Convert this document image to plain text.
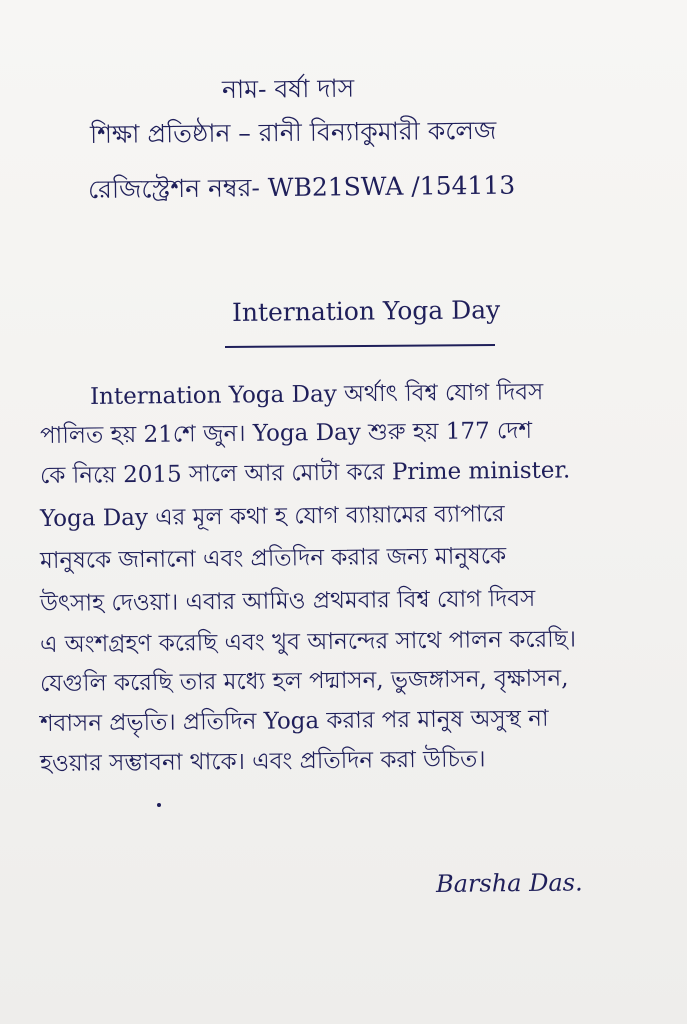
নাম- বর্ষা দাস
শিক্ষা প্রতিষ্ঠান – রানী বিন্যাকুমারী কলেজ
রেজিস্ট্রেশন নম্বর- WB21SWA /154113
Internation Yoga Day
Internation Yoga Day অর্থাৎ বিশ্ব যোগ দিবস
পালিত হয় 21শে জুন। Yoga Day শুরু হয় 177 দেশ
কে নিয়ে 2015 সালে আর মোটা করে Prime minister.
Yoga Day এর মূল কথা হ যোগ ব্যায়ামের ব্যাপারে
মানুষকে জানানো এবং প্রতিদিন করার জন্য মানুষকে
উৎসাহ দেওয়া। এবার আমিও প্রথমবার বিশ্ব যোগ দিবস
এ অংশগ্রহণ করেছি এবং খুব আনন্দের সাথে পালন করেছি।
যেগুলি করেছি তার মধ্যে হল পদ্মাসন, ভুজঙ্গাসন, বৃক্ষাসন,
শবাসন প্রভৃতি। প্রতিদিন Yoga করার পর মানুষ অসুস্থ না
হওয়ার সম্ভাবনা থাকে। এবং প্রতিদিন করা উচিত।
Barsha Das.
